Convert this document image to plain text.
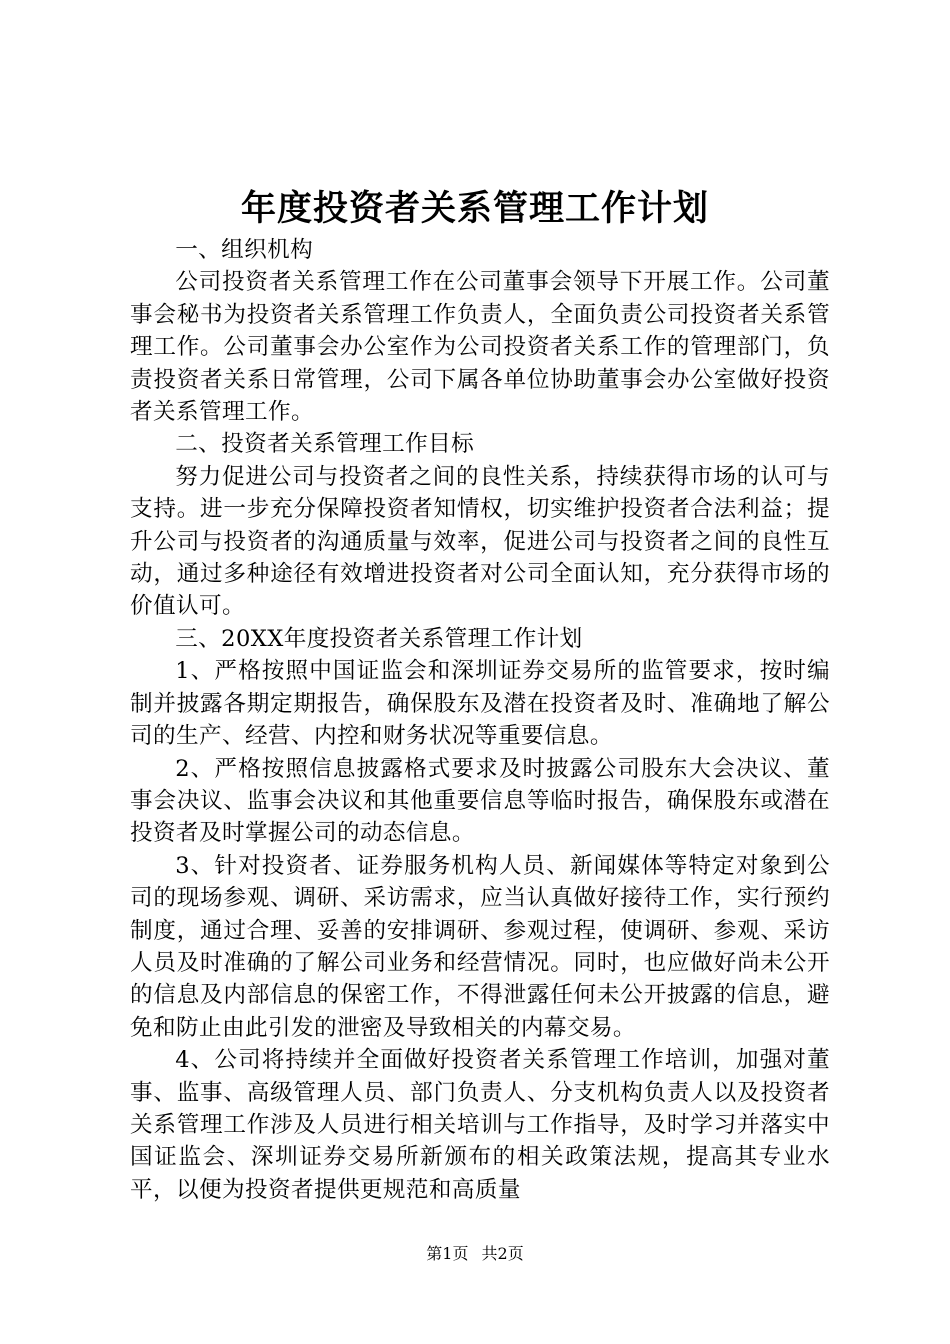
年度投资者关系管理工作计划

一、组织机构

公司投资者关系管理工作在公司董事会领导下开展工作。公司董事会秘书为投资者关系管理工作负责人，全面负责公司投资者关系管理工作。公司董事会办公室作为公司投资者关系工作的管理部门，负责投资者关系日常管理，公司下属各单位协助董事会办公室做好投资者关系管理工作。

二、投资者关系管理工作目标

努力促进公司与投资者之间的良性关系，持续获得市场的认可与支持。进一步充分保障投资者知情权，切实维护投资者合法利益；提升公司与投资者的沟通质量与效率，促进公司与投资者之间的良性互动，通过多种途径有效增进投资者对公司全面认知，充分获得市场的价值认可。

三、20XX年度投资者关系管理工作计划

1、严格按照中国证监会和深圳证券交易所的监管要求，按时编制并披露各期定期报告，确保股东及潜在投资者及时、准确地了解公司的生产、经营、内控和财务状况等重要信息。

2、严格按照信息披露格式要求及时披露公司股东大会决议、董事会决议、监事会决议和其他重要信息等临时报告，确保股东或潜在投资者及时掌握公司的动态信息。

3、针对投资者、证券服务机构人员、新闻媒体等特定对象到公司的现场参观、调研、采访需求，应当认真做好接待工作，实行预约制度，通过合理、妥善的安排调研、参观过程，使调研、参观、采访人员及时准确的了解公司业务和经营情况。同时，也应做好尚未公开的信息及内部信息的保密工作，不得泄露任何未公开披露的信息，避免和防止由此引发的泄密及导致相关的内幕交易。

4、公司将持续并全面做好投资者关系管理工作培训，加强对董事、监事、高级管理人员、部门负责人、分支机构负责人以及投资者关系管理工作涉及人员进行相关培训与工作指导，及时学习并落实中国证监会、深圳证券交易所新颁布的相关政策法规，提高其专业水平，以便为投资者提供更规范和高质量

第1页 共2页
